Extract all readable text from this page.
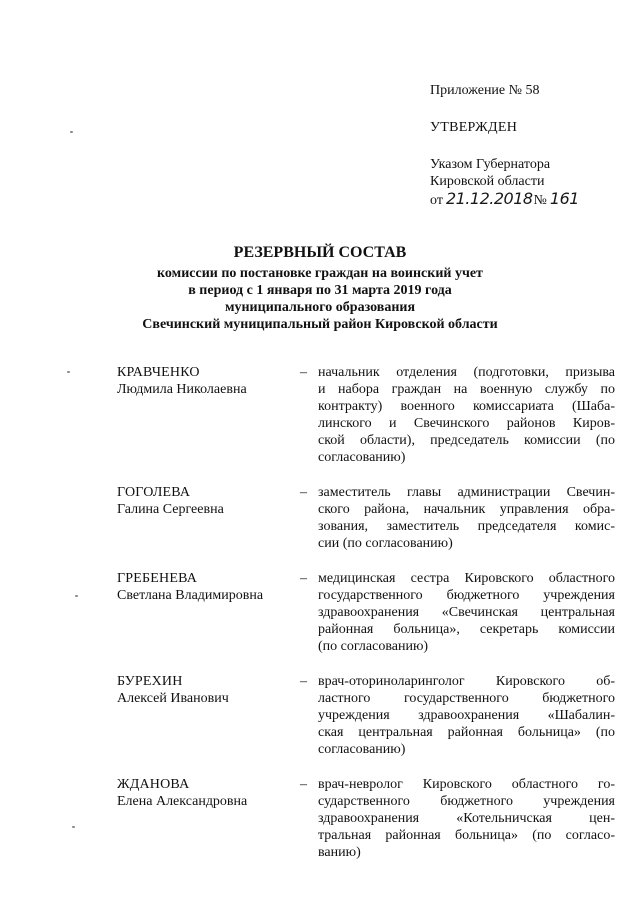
Приложение № 58
УТВЕРЖДЕН
Указом Губернатора
Кировской области
от 21.12.2018 № 161
РЕЗЕРВНЫЙ СОСТАВ
комиссии по постановке граждан на воинский учет
в период с 1 января по 31 марта 2019 года
муниципального образования
Свечинский муниципальный район Кировской области
КРАВЧЕНКО
Людмила Николаевна
– начальник отделения (подготовки, призыва
и набора граждан на военную службу по
контракту) военного комиссариата (Шаба-
линского и Свечинского районов Киров-
ской области), председатель комиссии (по
согласованию)
ГОГОЛЕВА
Галина Сергеевна
– заместитель главы администрации Свечин-
ского района, начальник управления обра-
зования, заместитель председателя комис-
сии (по согласованию)
ГРЕБЕНЕВА
Светлана Владимировна
– медицинская сестра Кировского областного
государственного бюджетного учреждения
здравоохранения «Свечинская центральная
районная больница», секретарь комиссии
(по согласованию)
БУРЕХИН
Алексей Иванович
– врач-оториноларинголог Кировского об-
ластного государственного бюджетного
учреждения здравоохранения «Шабалин-
ская центральная районная больница» (по
согласованию)
ЖДАНОВА
Елена Александровна
– врач-невролог Кировского областного го-
сударственного бюджетного учреждения
здравоохранения «Котельничская цен-
тральная районная больница» (по согласо-
ванию)
